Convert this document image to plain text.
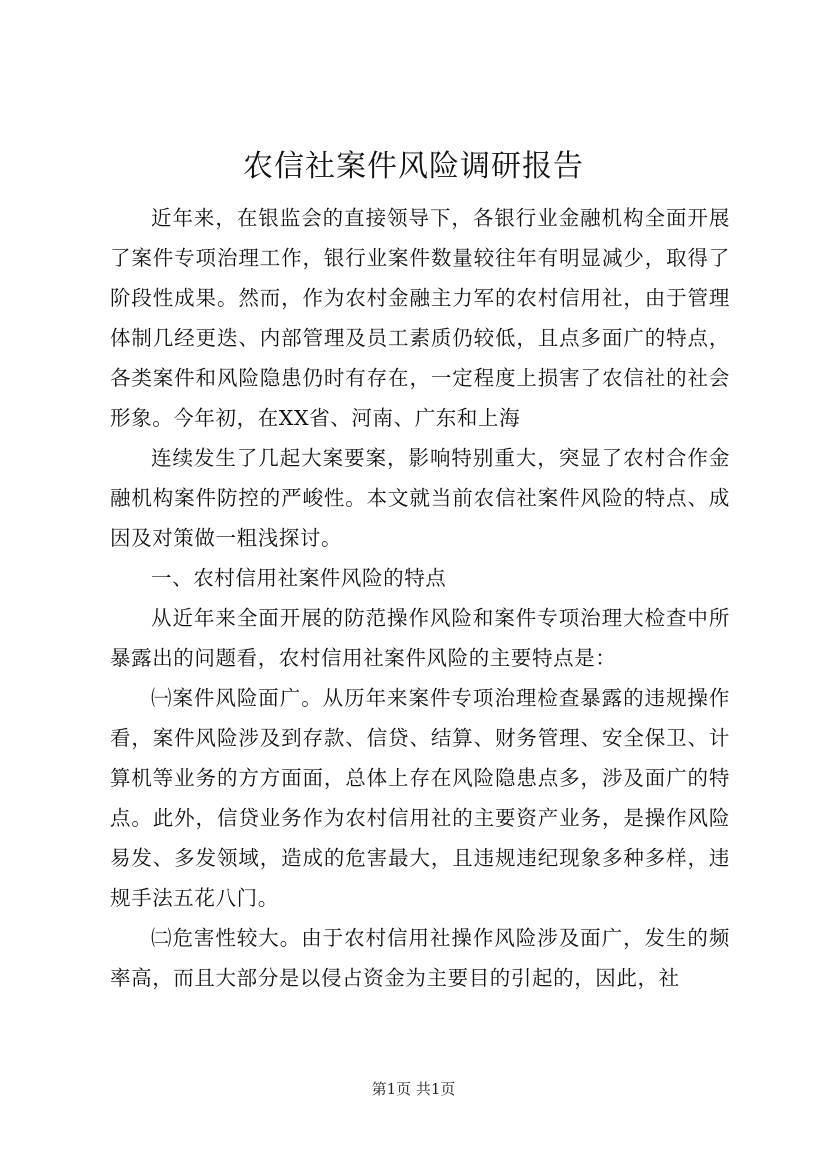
农信社案件风险调研报告

近年来，在银监会的直接领导下，各银行业金融机构全面开展了案件专项治理工作，银行业案件数量较往年有明显减少，取得了阶段性成果。然而，作为农村金融主力军的农村信用社，由于管理体制几经更迭、内部管理及员工素质仍较低，且点多面广的特点，各类案件和风险隐患仍时有存在，一定程度上损害了农信社的社会形象。今年初，在XX省、河南、广东和上海

连续发生了几起大案要案，影响特别重大，突显了农村合作金融机构案件防控的严峻性。本文就当前农信社案件风险的特点、成因及对策做一粗浅探讨。

一、农村信用社案件风险的特点

从近年来全面开展的防范操作风险和案件专项治理大检查中所暴露出的问题看，农村信用社案件风险的主要特点是：

㈠案件风险面广。从历年来案件专项治理检查暴露的违规操作看，案件风险涉及到存款、信贷、结算、财务管理、安全保卫、计算机等业务的方方面面，总体上存在风险隐患点多，涉及面广的特点。此外，信贷业务作为农村信用社的主要资产业务，是操作风险易发、多发领域，造成的危害最大，且违规违纪现象多种多样，违规手法五花八门。

㈡危害性较大。由于农村信用社操作风险涉及面广，发生的频率高，而且大部分是以侵占资金为主要目的引起的，因此，社

第1页 共1页
